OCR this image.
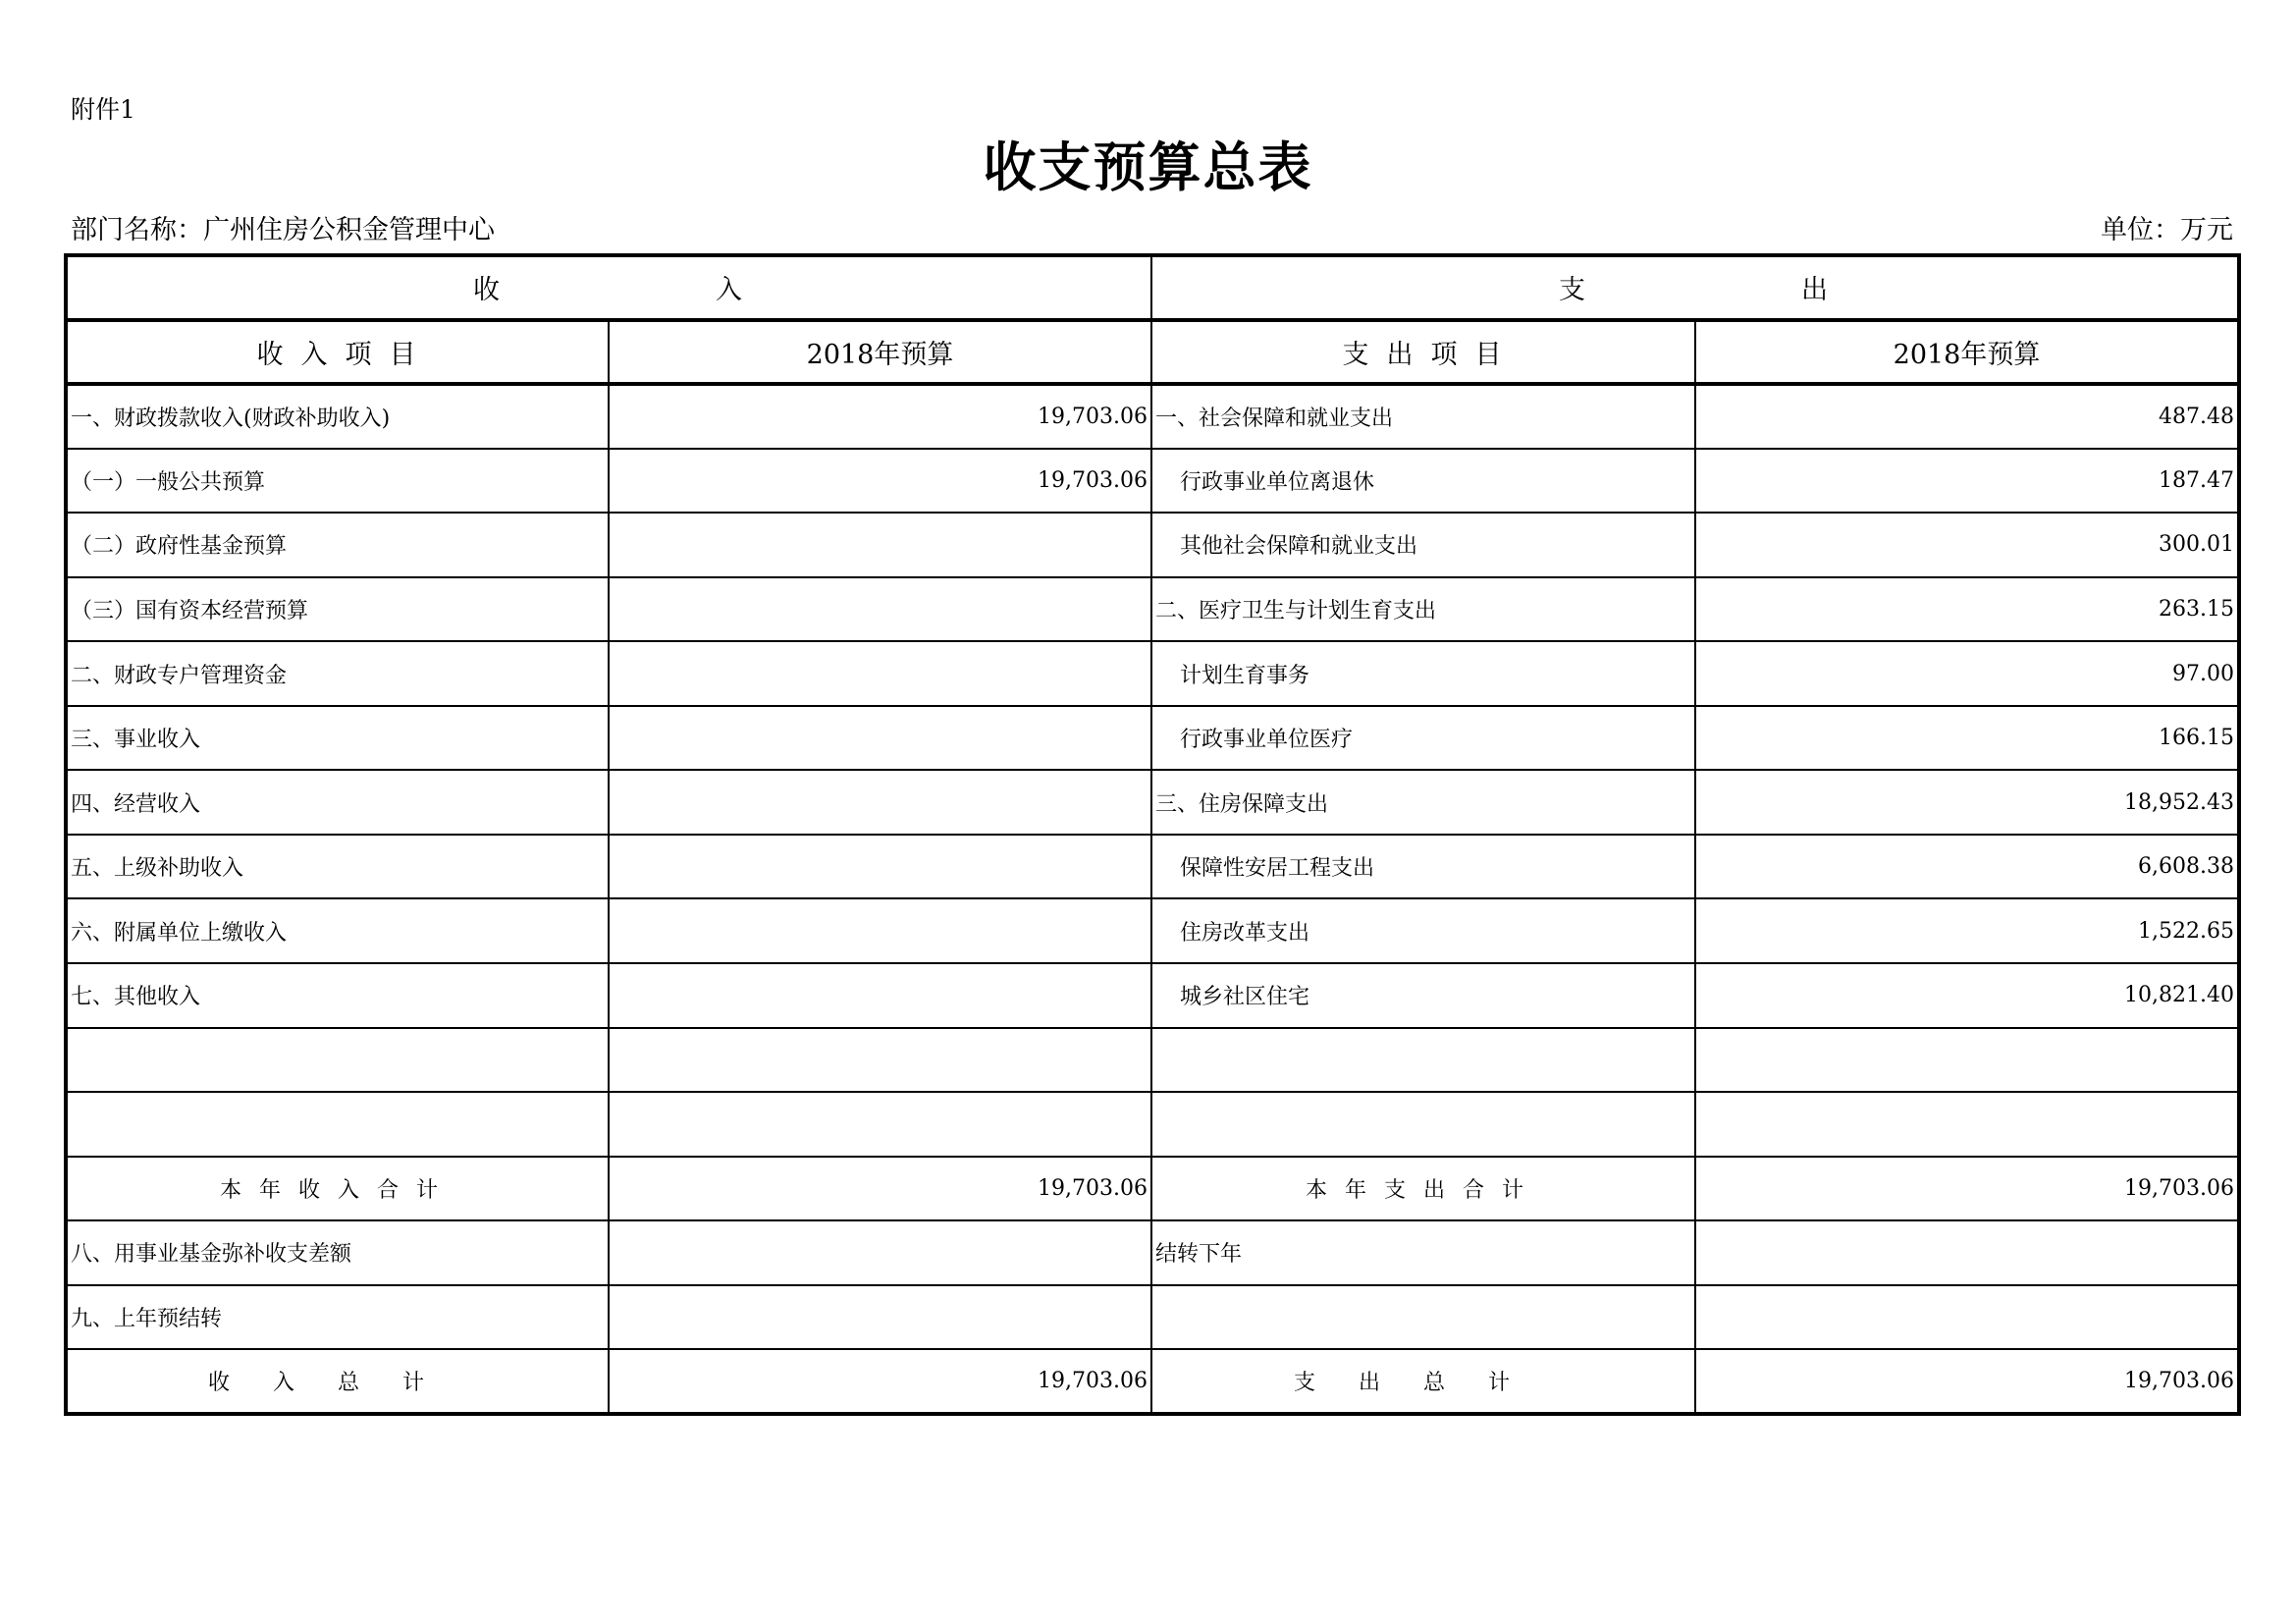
附件1
收支预算总表
部门名称：广州住房公积金管理中心	单位：万元
收入		支出	
收入项目	2018年预算	支出项目	2018年预算
一、财政拨款收入(财政补助收入)	19,703.06	一、社会保障和就业支出	487.48
（一）一般公共预算	19,703.06	行政事业单位离退休	187.47
（二）政府性基金预算		其他社会保障和就业支出	300.01
（三）国有资本经营预算		二、医疗卫生与计划生育支出	263.15
二、财政专户管理资金		计划生育事务	97.00
三、事业收入		行政事业单位医疗	166.15
四、经营收入		三、住房保障支出	18,952.43
五、上级补助收入		保障性安居工程支出	6,608.38
六、附属单位上缴收入		住房改革支出	1,522.65
七、其他收入		城乡社区住宅	10,821.40

本年收入合计	19,703.06	本年支出合计	19,703.06
八、用事业基金弥补收支差额		结转下年	
九、上年预结转			
收入总计	19,703.06	支出总计	19,703.06
